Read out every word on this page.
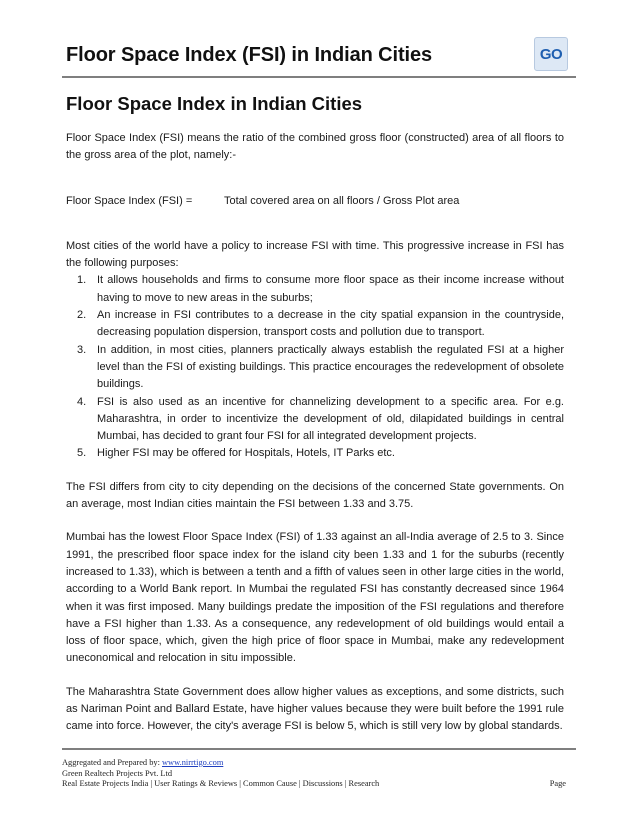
Floor Space Index (FSI) in Indian Cities	GO
Floor Space Index in Indian Cities

Floor Space Index (FSI) means the ratio of the combined gross floor (constructed) area of all floors to the gross area of the plot, namely:-

Floor Space Index (FSI) =	Total covered area on all floors / Gross Plot area

Most cities of the world have a policy to increase FSI with time. This progressive increase in FSI has the following purposes:

It allows households and firms to consume more floor space as their income increase without having to move to new areas in the suburbs;
An increase in FSI contributes to a decrease in the city spatial expansion in the countryside, decreasing population dispersion, transport costs and pollution due to transport.
In addition, in most cities, planners practically always establish the regulated FSI at a higher level than the FSI of existing buildings. This practice encourages the redevelopment of obsolete buildings.
FSI is also used as an incentive for channelizing development to a specific area. For e.g. Maharashtra, in order to incentivize the development of old, dilapidated buildings in central Mumbai, has decided to grant four FSI for all integrated development projects.
Higher FSI may be offered for Hospitals, Hotels, IT Parks etc.

The FSI differs from city to city depending on the decisions of the concerned State governments. On an average, most Indian cities maintain the FSI between 1.33 and 3.75.

Mumbai has the lowest Floor Space Index (FSI) of 1.33 against an all-India average of 2.5 to 3. Since 1991, the prescribed floor space index for the island city been 1.33 and 1 for the suburbs (recently increased to 1.33), which is between a tenth and a fifth of values seen in other large cities in the world, according to a World Bank report. In Mumbai the regulated FSI has constantly decreased since 1964 when it was first imposed. Many buildings predate the imposition of the FSI regulations and therefore have a FSI higher than 1.33. As a consequence, any redevelopment of old buildings would entail a loss of floor space, which, given the high price of floor space in Mumbai, make any redevelopment uneconomical and relocation in situ impossible.

The Maharashtra State Government does allow higher values as exceptions, and some districts, such as Nariman Point and Ballard Estate, have higher values because they were built before the 1991 rule came into force. However, the city's average FSI is below 5, which is still very low by global standards.

Aggregated and Prepared by: www.nirrtigo.com
Green Realtech Projects Pvt. Ltd
Real Estate Projects India | User Ratings & Reviews | Common Cause | Discussions | Research	Page
